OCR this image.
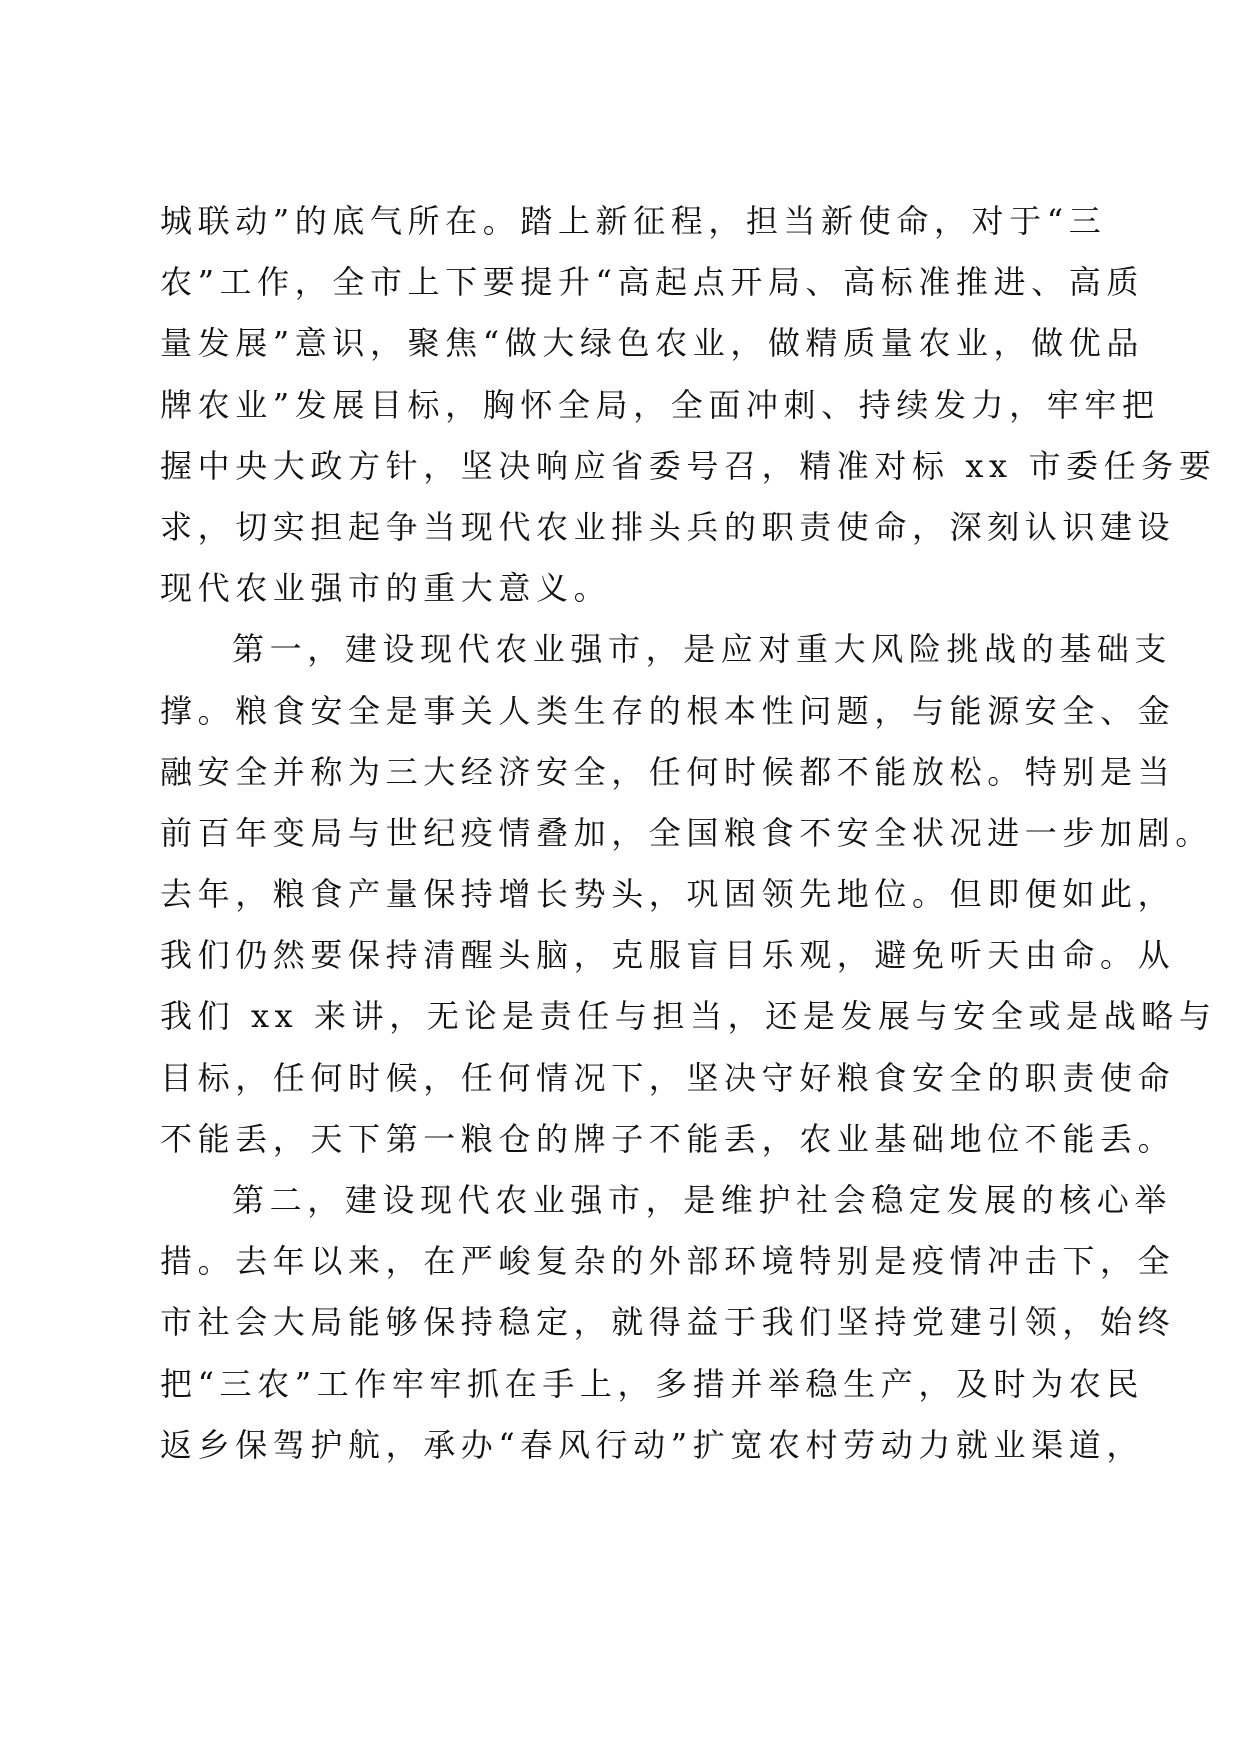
城联动”的底气所在。踏上新征程，担当新使命，对于“三
农”工作，全市上下要提升“高起点开局、高标准推进、高质
量发展”意识，聚焦“做大绿色农业，做精质量农业，做优品
牌农业”发展目标，胸怀全局，全面冲刺、持续发力，牢牢把
握中央大政方针，坚决响应省委号召，精准对标 xx 市委任务要
求，切实担起争当现代农业排头兵的职责使命，深刻认识建设
现代农业强市的重大意义。
第一，建设现代农业强市，是应对重大风险挑战的基础支
撑。粮食安全是事关人类生存的根本性问题，与能源安全、金
融安全并称为三大经济安全，任何时候都不能放松。特别是当
前百年变局与世纪疫情叠加，全国粮食不安全状况进一步加剧。
去年，粮食产量保持增长势头，巩固领先地位。但即便如此，
我们仍然要保持清醒头脑，克服盲目乐观，避免听天由命。从
我们 xx 来讲，无论是责任与担当，还是发展与安全或是战略与
目标，任何时候，任何情况下，坚决守好粮食安全的职责使命
不能丢，天下第一粮仓的牌子不能丢，农业基础地位不能丢。
第二，建设现代农业强市，是维护社会稳定发展的核心举
措。去年以来，在严峻复杂的外部环境特别是疫情冲击下，全
市社会大局能够保持稳定，就得益于我们坚持党建引领，始终
把“三农”工作牢牢抓在手上，多措并举稳生产，及时为农民
返乡保驾护航，承办“春风行动”扩宽农村劳动力就业渠道，
